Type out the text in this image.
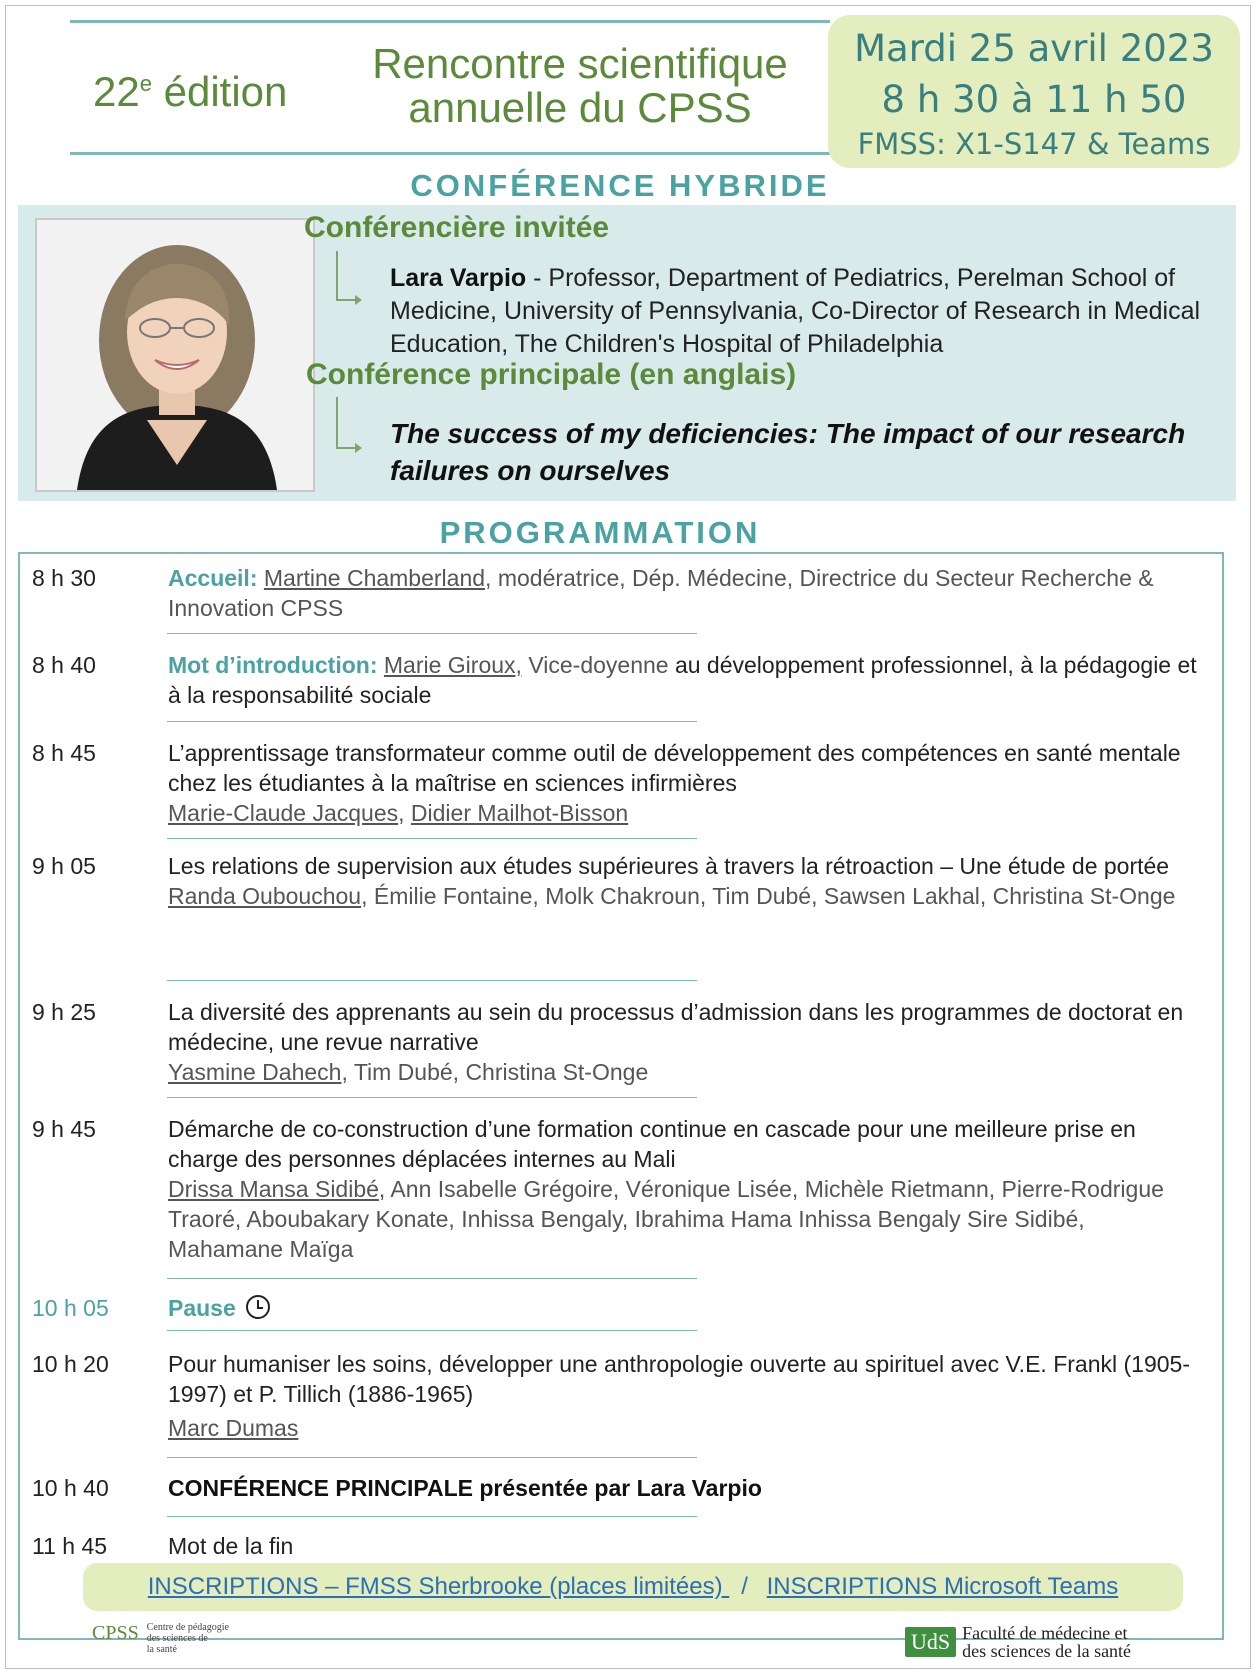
22e édition
Rencontre scientifique
annuelle du CPSS
Mardi 25 avril 2023
8 h 30 à 11 h 50
FMSS: X1-S147 & Teams
CONFÉRENCE HYBRIDE
Conférencière invitée
Lara Varpio - Professor, Department of Pediatrics, Perelman School of Medicine, University of Pennsylvania, Co-Director of Research in Medical Education, The Children's Hospital of Philadelphia
Conférence principale (en anglais)
The success of my deficiencies: The impact of our research failures on ourselves
PROGRAMMATION
8 h 30	Accueil: Martine Chamberland, modératrice, Dép. Médecine, Directrice du Secteur Recherche & Innovation CPSS
8 h 40	Mot d’introduction: Marie Giroux, Vice-doyenne au développement professionnel, à la pédagogie et à la responsabilité sociale
8 h 45	L’apprentissage transformateur comme outil de développement des compétences en santé mentale chez les étudiantes à la maîtrise en sciences infirmières
Marie-Claude Jacques, Didier Mailhot-Bisson
9 h 05	Les relations de supervision aux études supérieures à travers la rétroaction – Une étude de portée
Randa Oubouchou, Émilie Fontaine, Molk Chakroun, Tim Dubé, Sawsen Lakhal, Christina St-Onge
9 h 25	La diversité des apprenants au sein du processus d’admission dans les programmes de doctorat en médecine, une revue narrative
Yasmine Dahech, Tim Dubé, Christina St-Onge
9 h 45	Démarche de co-construction d’une formation continue en cascade pour une meilleure prise en charge des personnes déplacées internes au Mali
Drissa Mansa Sidibé, Ann Isabelle Grégoire, Véronique Lisée, Michèle Rietmann, Pierre-Rodrigue Traoré, Aboubakary Konate, Inhissa Bengaly, Ibrahima Hama Inhissa Bengaly Sire Sidibé, Mahamane Maïga
10 h 05	Pause
10 h 20	Pour humaniser les soins, développer une anthropologie ouverte au spirituel avec V.E. Frankl (1905-1997) et P. Tillich (1886-1965)
Marc Dumas
10 h 40	CONFÉRENCE PRINCIPALE présentée par Lara Varpio
11 h 45	Mot de la fin
INSCRIPTIONS – FMSS Sherbrooke (places limitées) / INSCRIPTIONS Microsoft Teams
CPSS Centre de pédagogie
des sciences de
la santé	UdS Faculté de médecine et
des sciences de la santé
